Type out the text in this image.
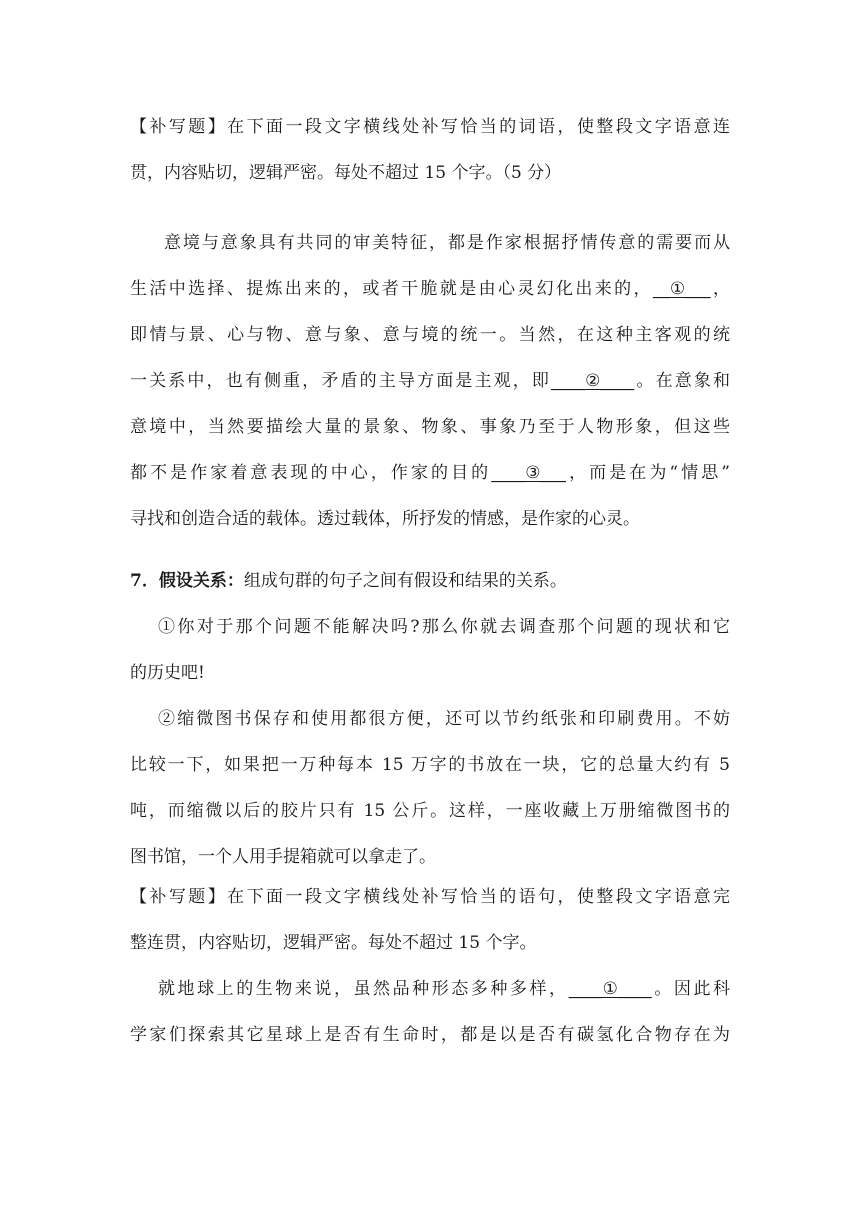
【补写题】在下面一段文字横线处补写恰当的词语，使整段文字语意连
贯，内容贴切，逻辑严密。每处不超过 15 个字。（5 分）
意境与意象具有共同的审美特征，都是作家根据抒情传意的需要而从
生活中选择、提炼出来的，或者干脆就是由心灵幻化出来的，__①___，
即情与景、心与物、意与象、意与境的统一。当然，在这种主客观的统
一关系中，也有侧重，矛盾的主导方面是主观，即____②____。在意象和
意境中，当然要描绘大量的景象、物象、事象乃至于人物形象，但这些
都不是作家着意表现的中心，作家的目的____③___，而是在为“情思”
寻找和创造合适的载体。透过载体，所抒发的情感，是作家的心灵。
7．假设关系：组成句群的句子之间有假设和结果的关系。
①你对于那个问题不能解决吗?那么你就去调查那个问题的现状和它
的历史吧!
②缩微图书保存和使用都很方便，还可以节约纸张和印刷费用。不妨
比较一下，如果把一万种每本 15 万字的书放在一块，它的总量大约有 5
吨，而缩微以后的胶片只有 15 公斤。这样，一座收藏上万册缩微图书的
图书馆，一个人用手提箱就可以拿走了。
【补写题】在下面一段文字横线处补写恰当的语句，使整段文字语意完
整连贯，内容贴切，逻辑严密。每处不超过 15 个字。
就地球上的生物来说，虽然品种形态多种多样，____①____。因此科
学家们探索其它星球上是否有生命时，都是以是否有碳氢化合物存在为
